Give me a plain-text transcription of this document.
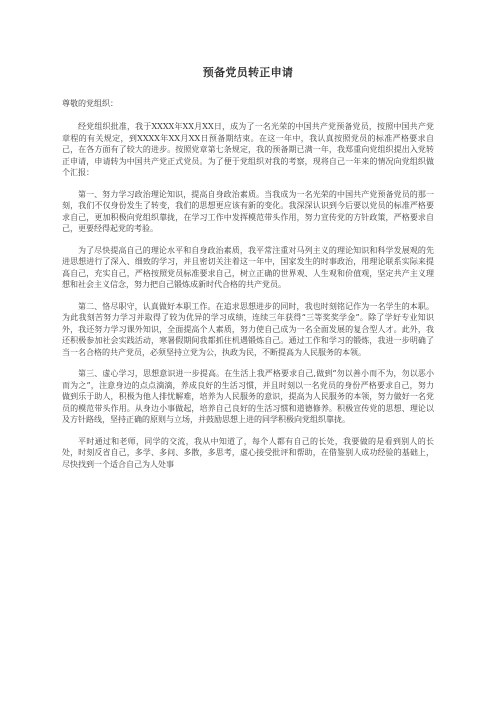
预备党员转正申请

尊敬的党组织：

经党组织批准，我于XXXX年XX月XX日，成为了一名光荣的中国共产党预备党员，按照中国共产党章程的有关规定，到XXXX年XX月XX日预备期结束。在这一年中，我认真按照党员的标准严格要求自己，在各方面有了较大的进步。按照党章第七条规定，我的预备期已满一年，我郑重向党组织提出入党转正申请，申请转为中国共产党正式党员。为了便于党组织对我的考察，现将自己一年来的情况向党组织做个汇报：

第一、努力学习政治理论知识，提高自身政治素质。当我成为一名光荣的中国共产党预备党员的那一刻，我们不仅身份发生了转变，我们的思想更应该有新的变化。我深深认识到今后要以党员的标准严格要求自己，更加积极向党组织靠拢，在学习工作中发挥模范带头作用，努力宣传党的方针政策，严格要求自己，更要经得起党的考验。

为了尽快提高自己的理论水平和自身政治素质，我平常注重对马列主义的理论知识和科学发展观的先进思想进行了深入、细致的学习，并且密切关注着这一年中，国家发生的时事政治，用理论联系实际来提高自己，充实自己，严格按照党员标准要求自己，树立正确的世界观、人生观和价值观，坚定共产主义理想和社会主义信念，努力把自己锻炼成新时代合格的共产党员。

第二、恪尽职守，认真做好本职工作。在追求思想进步的同时，我也时刻铭记作为一名学生的本职。为此我刻苦努力学习并取得了较为优异的学习成绩，连续三年获得“三等奖奖学金”。除了学好专业知识外，我还努力学习课外知识，全面提高个人素质，努力使自己成为一名全面发展的复合型人才。此外，我还积极参加社会实践活动，寒暑假期间我都抓住机遇锻炼自己。通过工作和学习的锻炼，我进一步明确了当一名合格的共产党员，必须坚持立党为公，执政为民，不断提高为人民服务的本领。

第三、虚心学习，思想意识进一步提高。在生活上我严格要求自己,做到“勿以善小而不为，勿以恶小而为之”，注意身边的点点滴滴，养成良好的生活习惯，并且时刻以一名党员的身份严格要求自己，努力做到乐于助人，积极为他人排忧解难，培养为人民服务的意识，提高为人民服务的本领，努力做好一名党员的模范带头作用。从身边小事做起，培养自己良好的生活习惯和道德修养。积极宣传党的思想、理论以及方针路线，坚持正确的原则与立场，并鼓励思想上进的同学积极向党组织靠拢。

平时通过和老师，同学的交流，我从中知道了，每个人都有自己的长处，我要做的是看到别人的长处，时刻反省自己，多学、多问、多散，多思考，虚心接受批评和帮助，在借鉴别人成功经验的基础上，尽快找到一个适合自己为人处事
